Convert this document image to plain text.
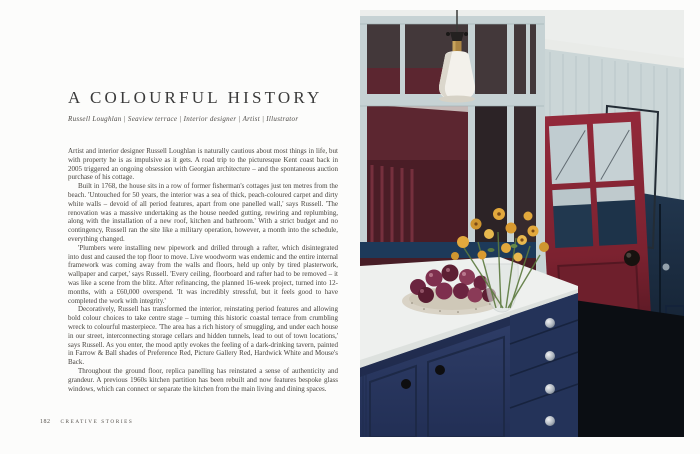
A COLOURFUL HISTORY
Russell Loughlan | Seaview terrace | Interior designer | Artist | Illustrator

Artist and interior designer Russell Loughlan is naturally cautious about most things in life, but with property he is as impulsive as it gets. A road trip to the picturesque Kent coast back in 2005 triggered an ongoing obsession with Georgian architecture – and the spontaneous auction purchase of his cottage.

Built in 1768, the house sits in a row of former fisherman's cottages just ten metres from the beach. 'Untouched for 50 years, the interior was a sea of thick, peach-coloured carpet and dirty white walls – devoid of all period features, apart from one panelled wall,' says Russell. 'The renovation was a massive undertaking as the house needed gutting, rewiring and replumbing, along with the installation of a new roof, kitchen and bathroom.' With a strict budget and no contingency, Russell ran the site like a military operation, however, a month into the schedule, everything changed.

'Plumbers were installing new pipework and drilled through a rafter, which disintegrated into dust and caused the top floor to move. Live woodworm was endemic and the entire internal framework was coming away from the walls and floors, held up only by tired plasterwork, wallpaper and carpet,' says Russell. 'Every ceiling, floorboard and rafter had to be removed – it was like a scene from the blitz. After refinancing, the planned 16-week project, turned into 12-months, with a £60,000 overspend. 'It was incredibly stressful, but it feels good to have completed the work with integrity.'

Decoratively, Russell has transformed the interior, reinstating period features and allowing bold colour choices to take centre stage – turning this historic coastal terrace from crumbling wreck to colourful masterpiece. 'The area has a rich history of smuggling, and under each house in our street, interconnecting storage cellars and hidden tunnels, lead to out of town locations,' says Russell. As you enter, the mood aptly evokes the feeling of a dark-drinking tavern, painted in Farrow & Ball shades of Preference Red, Picture Gallery Red, Hardwick White and Mouse's Back.

Throughout the ground floor, replica panelling has reinstated a sense of authenticity and grandeur. A previous 1960s kitchen partition has been rebuilt and now features bespoke glass windows, which can connect or separate the kitchen from the main living and dining spaces.

182 CREATIVE STORIES
